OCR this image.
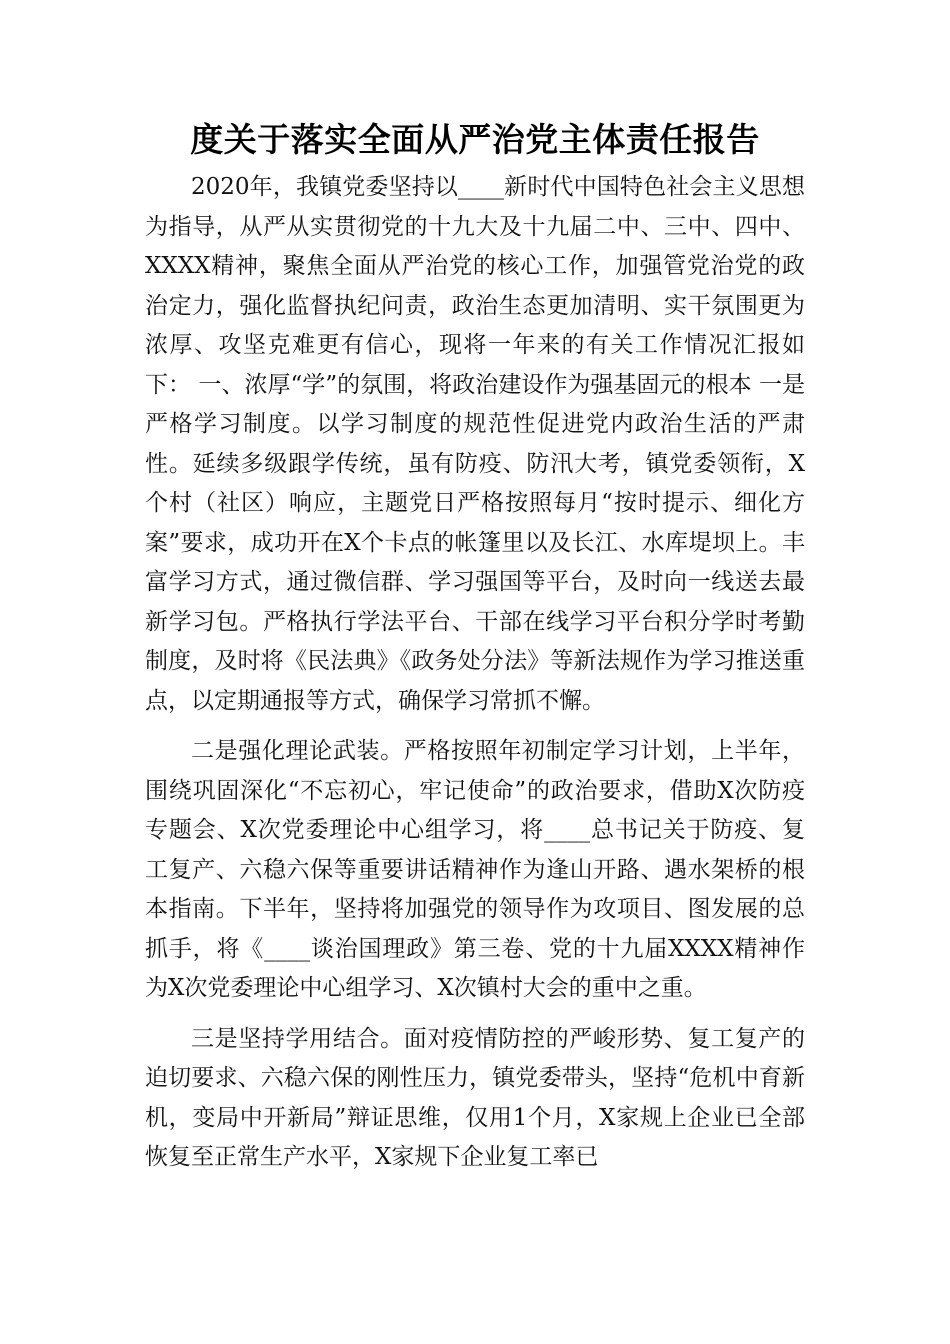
度关于落实全面从严治党主体责任报告

2020年，我镇党委坚持以____新时代中国特色社会主义思想为指导，从严从实贯彻党的十九大及十九届二中、三中、四中、XXXX精神，聚焦全面从严治党的核心工作，加强管党治党的政治定力，强化监督执纪问责，政治生态更加清明、实干氛围更为浓厚、攻坚克难更有信心，现将一年来的有关工作情况汇报如下： 一、浓厚“学”的氛围，将政治建设作为强基固元的根本 一是严格学习制度。以学习制度的规范性促进党内政治生活的严肃性。延续多级跟学传统，虽有防疫、防汛大考，镇党委领衔，X个村（社区）响应，主题党日严格按照每月“按时提示、细化方案”要求，成功开在X个卡点的帐篷里以及长江、水库堤坝上。丰富学习方式，通过微信群、学习强国等平台，及时向一线送去最新学习包。严格执行学法平台、干部在线学习平台积分学时考勤制度，及时将《民法典》《政务处分法》等新法规作为学习推送重点，以定期通报等方式，确保学习常抓不懈。

二是强化理论武装。严格按照年初制定学习计划，上半年，围绕巩固深化“不忘初心，牢记使命”的政治要求，借助X次防疫专题会、X次党委理论中心组学习，将____总书记关于防疫、复工复产、六稳六保等重要讲话精神作为逢山开路、遇水架桥的根本指南。下半年，坚持将加强党的领导作为攻项目、图发展的总抓手，将《____谈治国理政》第三卷、党的十九届XXXX精神作为X次党委理论中心组学习、X次镇村大会的重中之重。

三是坚持学用结合。面对疫情防控的严峻形势、复工复产的迫切要求、六稳六保的刚性压力，镇党委带头，坚持“危机中育新机，变局中开新局”辩证思维，仅用1个月，X家规上企业已全部恢复至正常生产水平，X家规下企业复工率已
